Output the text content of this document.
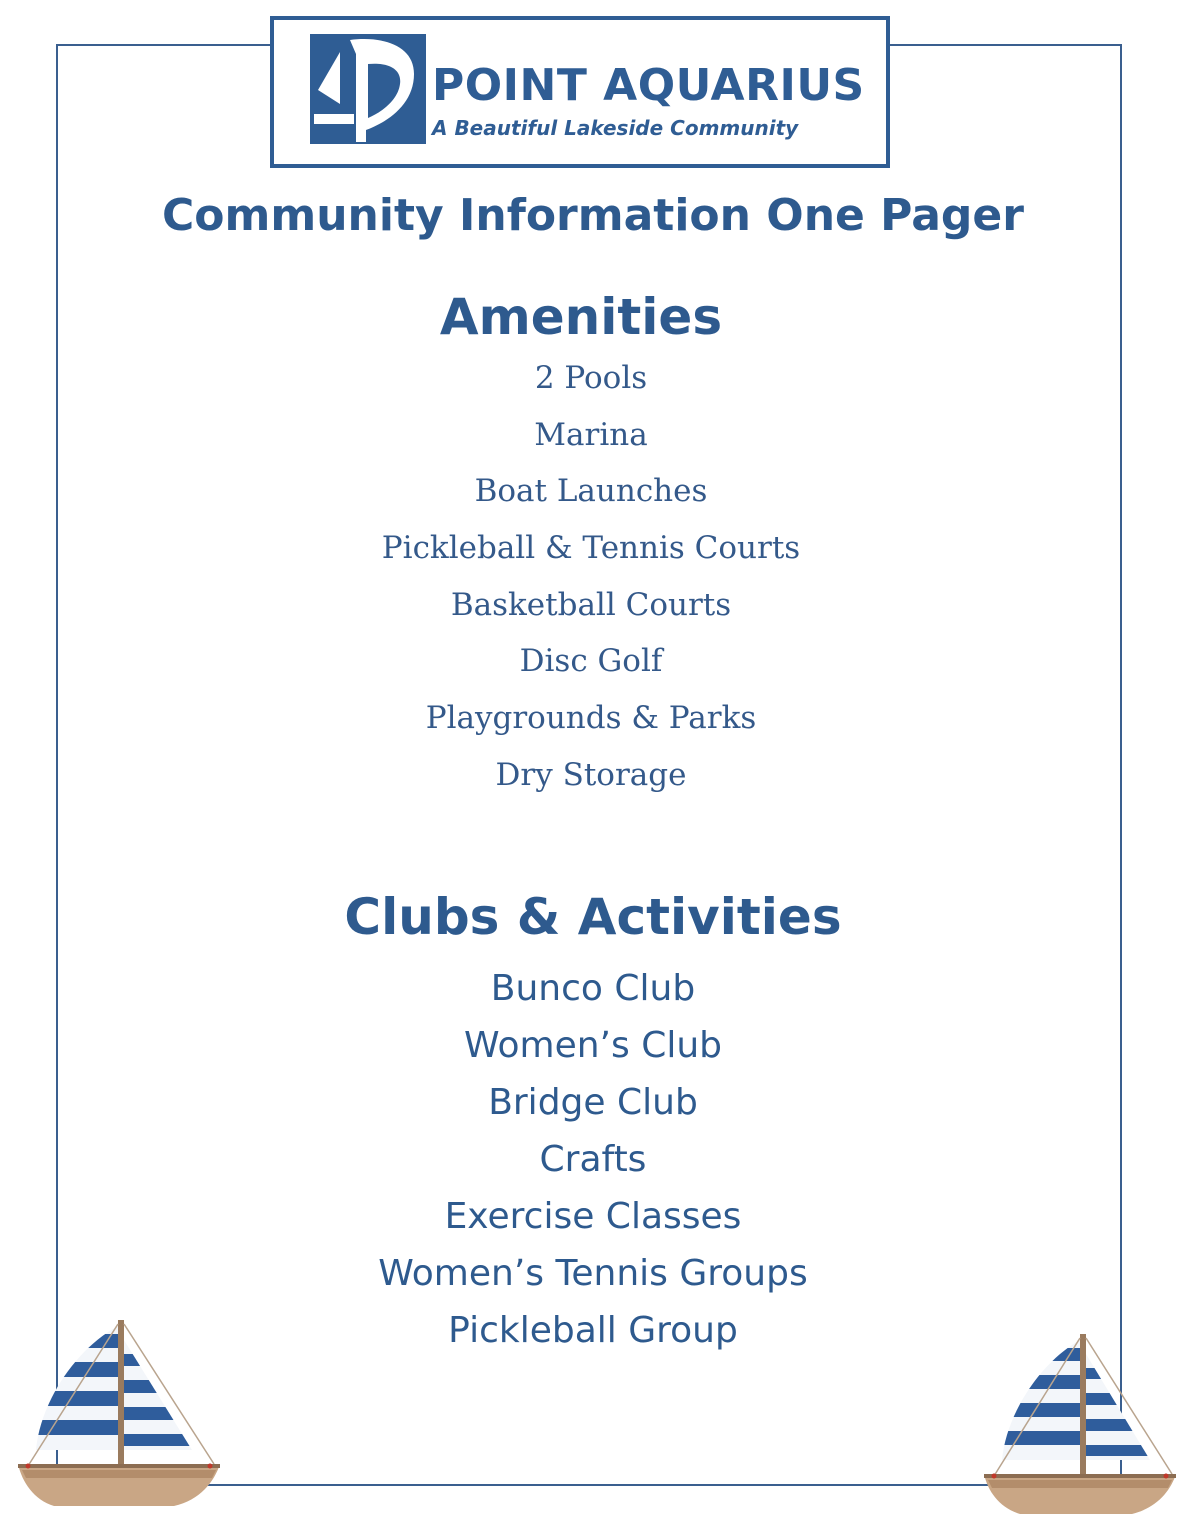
POINT AQUARIUS
A Beautiful Lakeside Community
Community Information One Pager
Amenities
2 Pools
Marina
Boat Launches
Pickleball & Tennis Courts
Basketball Courts
Disc Golf
Playgrounds & Parks
Dry Storage
Clubs & Activities
Bunco Club
Women’s Club
Bridge Club
Crafts
Exercise Classes
Women’s Tennis Groups
Pickleball Group
